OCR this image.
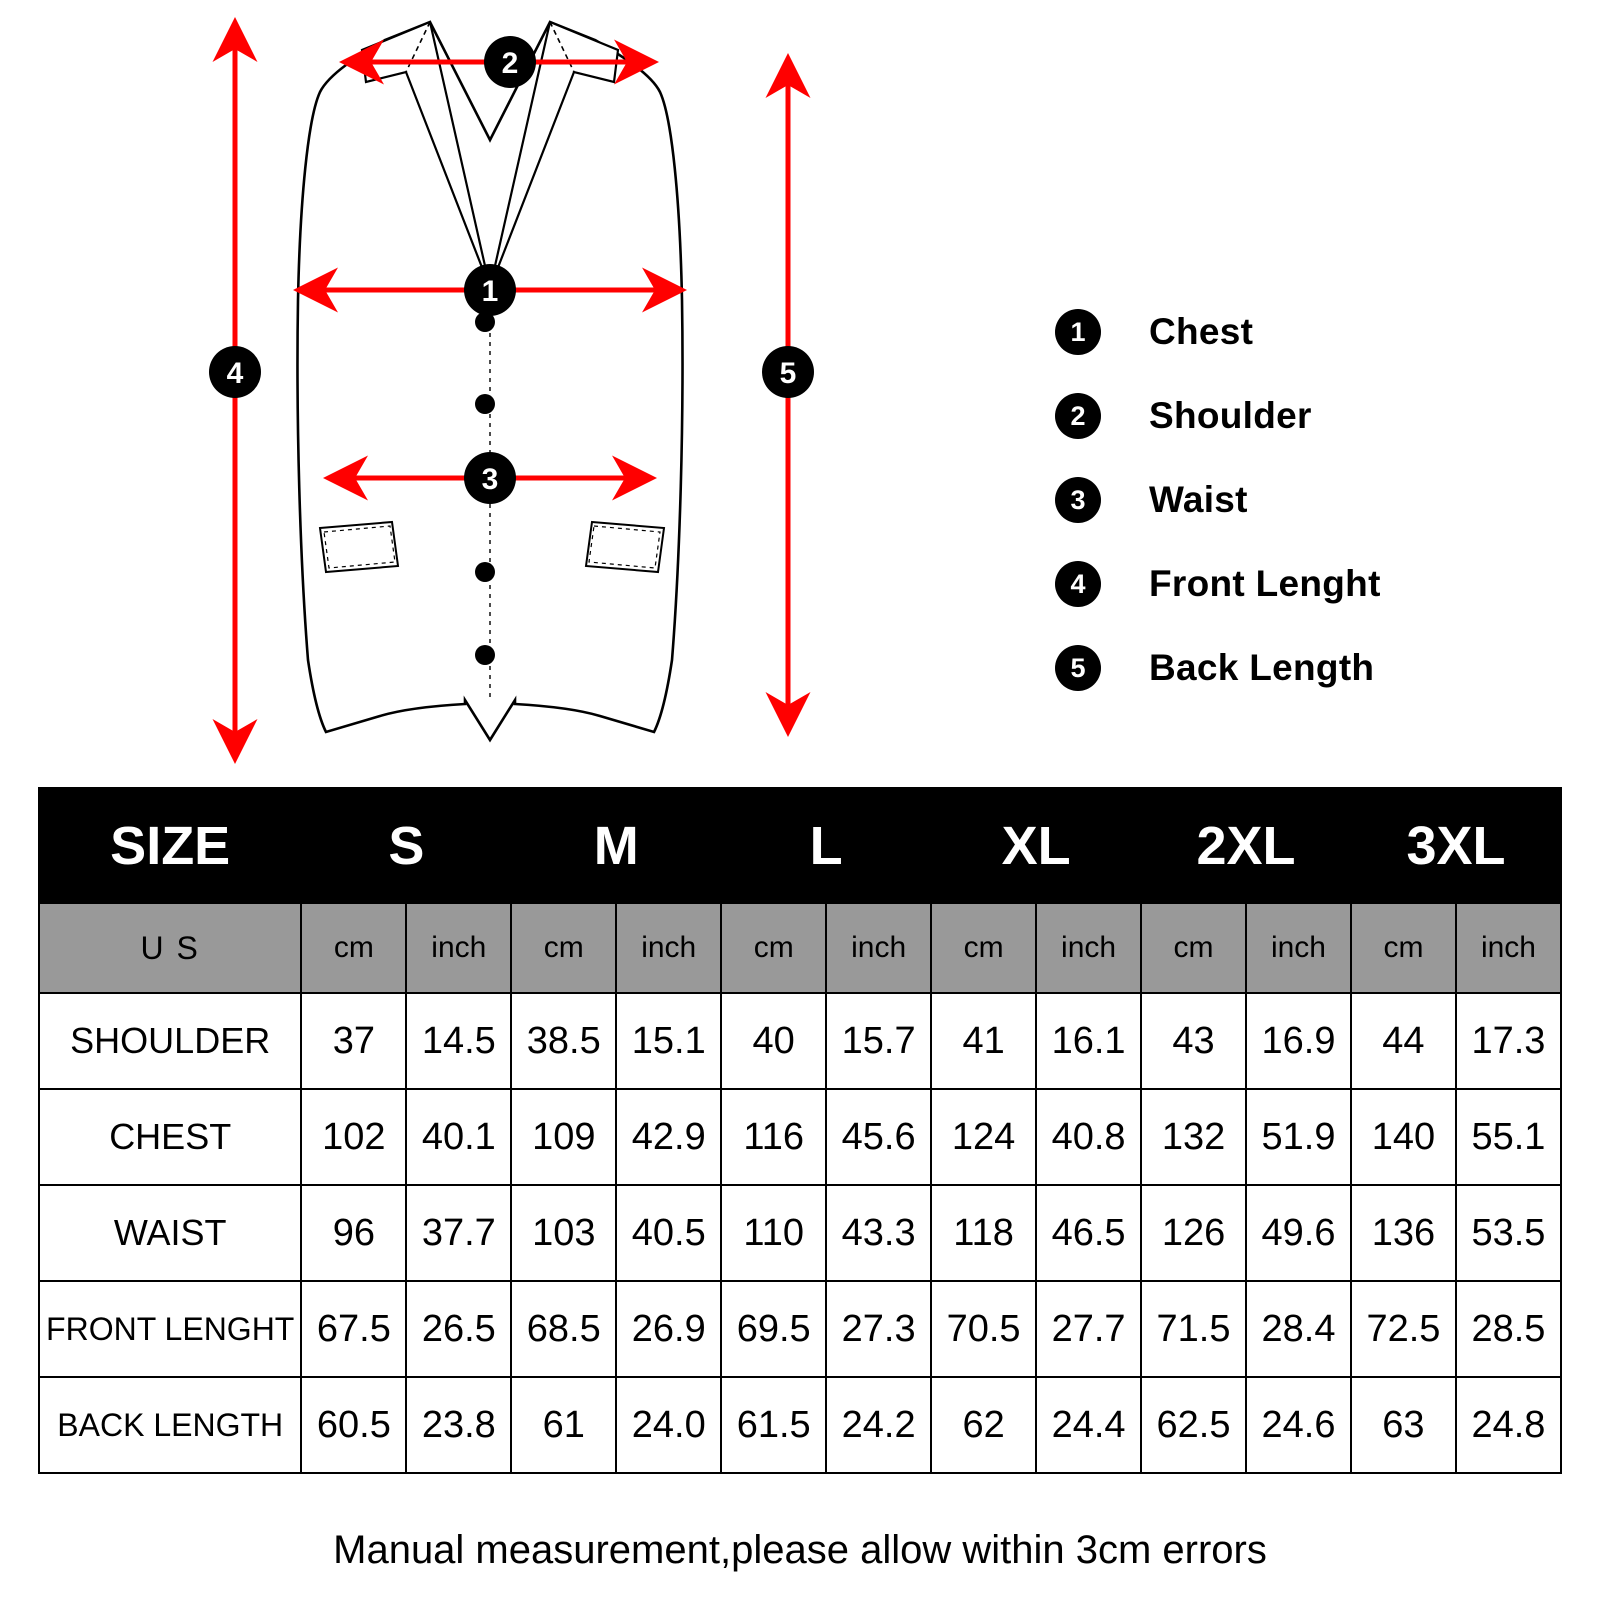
2
1
3
4	5
1	Chest
2	Shoulder
3	Waist
4	Front Lenght
5	Back Length
SIZE	S		M		L		XL		2XL		3XL	
U S	cm	inch	cm	inch	cm	inch	cm	inch	cm	inch	cm	inch
SHOULDER	37	14.5	38.5	15.1	40	15.7	41	16.1	43	16.9	44	17.3
CHEST	102	40.1	109	42.9	116	45.6	124	40.8	132	51.9	140	55.1
WAIST	96	37.7	103	40.5	110	43.3	118	46.5	126	49.6	136	53.5
FRONT LENGHT	67.5	26.5	68.5	26.9	69.5	27.3	70.5	27.7	71.5	28.4	72.5	28.5
BACK LENGTH	60.5	23.8	61	24.0	61.5	24.2	62	24.4	62.5	24.6	63	24.8
Manual measurement,please allow within 3cm errors
